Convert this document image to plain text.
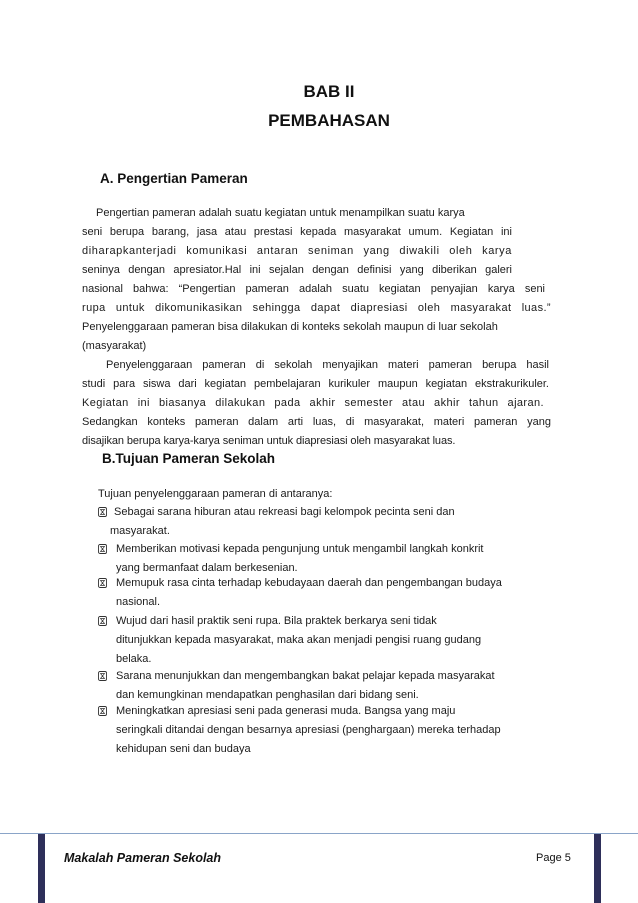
BAB II
PEMBAHASAN
A. Pengertian Pameran
Pengertian pameran adalah suatu kegiatan untuk menampilkan suatu karya
seni berupa barang, jasa atau prestasi kepada masyarakat umum. Kegiatan ini
diharapkanterjadi komunikasi antaran seniman yang diwakili oleh karya
seninya dengan apresiator.Hal ini sejalan dengan definisi yang diberikan galeri
nasional bahwa: “Pengertian pameran adalah suatu kegiatan penyajian karya seni
rupa untuk dikomunikasikan sehingga dapat diapresiasi oleh masyarakat luas.”
Penyelenggaraan pameran bisa dilakukan di konteks sekolah maupun di luar sekolah
(masyarakat)
Penyelenggaraan pameran di sekolah menyajikan materi pameran berupa hasil
studi para siswa dari kegiatan pembelajaran kurikuler maupun kegiatan ekstrakurikuler.
Kegiatan ini biasanya dilakukan pada akhir semester atau akhir tahun ajaran.
Sedangkan konteks pameran dalam arti luas, di masyarakat, materi pameran yang
disajikan berupa karya-karya seniman untuk diapresiasi oleh masyarakat luas.
B.Tujuan Pameran Sekolah
Tujuan penyelenggaraan pameran di antaranya:
Sebagai sarana hiburan atau rekreasi bagi kelompok pecinta seni dan
masyarakat.
Memberikan motivasi kepada pengunjung untuk mengambil langkah konkrit
yang bermanfaat dalam berkesenian.
Memupuk rasa cinta terhadap kebudayaan daerah dan pengembangan budaya
nasional.
Wujud dari hasil praktik seni rupa. Bila praktek berkarya seni tidak
ditunjukkan kepada masyarakat, maka akan menjadi pengisi ruang gudang
belaka.
Sarana menunjukkan dan mengembangkan bakat pelajar kepada masyarakat
dan kemungkinan mendapatkan penghasilan dari bidang seni.
Meningkatkan apresiasi seni pada generasi muda. Bangsa yang maju
seringkali ditandai dengan besarnya apresiasi (penghargaan) mereka terhadap
kehidupan seni dan budaya
Makalah Pameran Sekolah	Page 5
